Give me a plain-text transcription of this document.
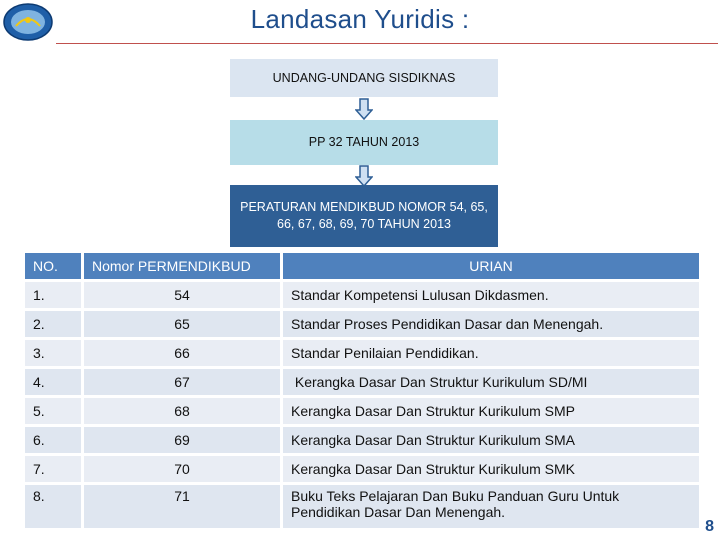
Landasan Yuridis :
UNDANG-UNDANG SISDIKNAS
PP 32 TAHUN 2013
PERATURAN MENDIKBUD NOMOR 54, 65, 66, 67, 68, 69, 70 TAHUN 2013
NO.	Nomor PERMENDIKBUD	URIAN
1.	54	Standar Kompetensi Lulusan Dikdasmen.
2.	65	Standar Proses Pendidikan Dasar dan Menengah.
3.	66	Standar Penilaian Pendidikan.
4.	67	Kerangka Dasar Dan Struktur Kurikulum SD/MI
5.	68	Kerangka Dasar Dan Struktur Kurikulum SMP
6.	69	Kerangka Dasar Dan Struktur Kurikulum SMA
7.	70	Kerangka Dasar Dan Struktur Kurikulum SMK
8.	71	Buku Teks Pelajaran Dan Buku Panduan Guru Untuk Pendidikan Dasar Dan Menengah.
8
